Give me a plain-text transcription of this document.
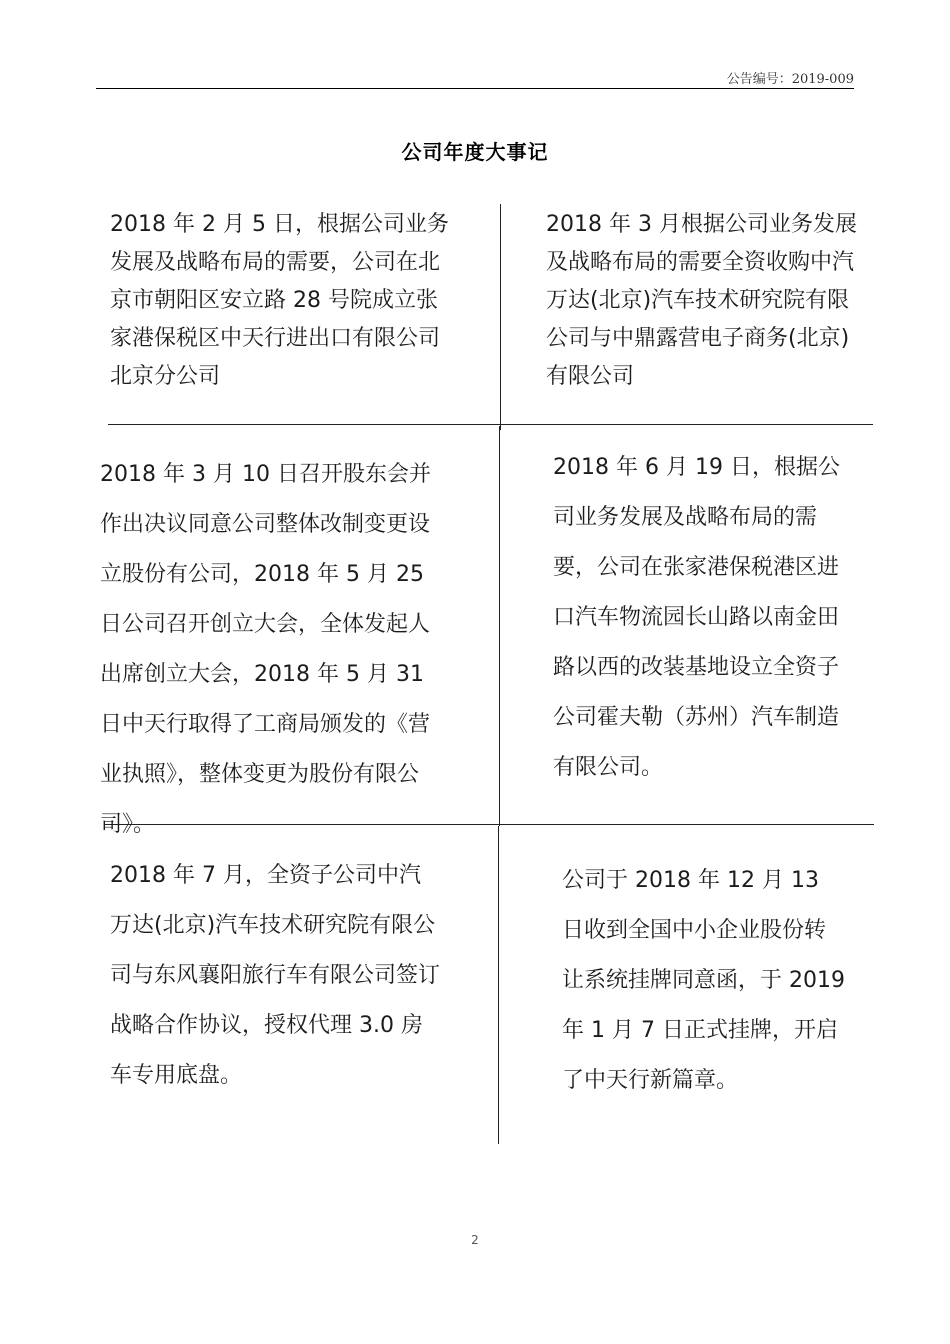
公告编号：2019-009
公司年度大事记
2018 年 2 月 5 日，根据公司业务发展及战略布局的需要，公司在北京市朝阳区安立路 28 号院成立张家港保税区中天行进出口有限公司北京分公司
2018 年 3 月根据公司业务发展及战略布局的需要全资收购中汽万达(北京)汽车技术研究院有限公司与中鼎露营电子商务(北京)有限公司
2018 年 3 月 10 日召开股东会并作出决议同意公司整体改制变更设立股份有公司，2018 年 5 月 25 日公司召开创立大会，全体发起人出席创立大会，2018 年 5 月 31 日中天行取得了工商局颁发的《营业执照》，整体变更为股份有限公司》。
2018 年 6 月 19 日，根据公司业务发展及战略布局的需要，公司在张家港保税港区进口汽车物流园长山路以南金田路以西的改装基地设立全资子公司霍夫勒（苏州）汽车制造有限公司。
2018 年 7 月，全资子公司中汽万达(北京)汽车技术研究院有限公司与东风襄阳旅行车有限公司签订战略合作协议，授权代理 3.0 房车专用底盘。
公司于 2018 年 12 月 13 日收到全国中小企业股份转让系统挂牌同意函，于 2019 年 1 月 7 日正式挂牌，开启了中天行新篇章。
2
